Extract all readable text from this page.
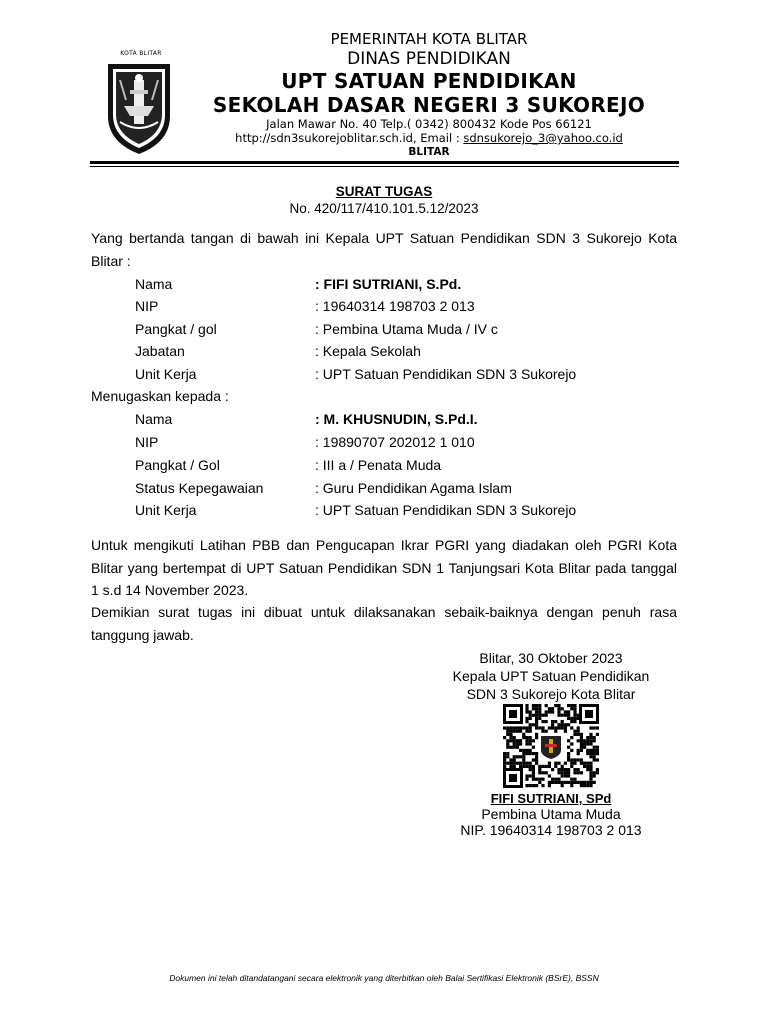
KOTA BLITAR
PEMERINTAH KOTA BLITAR
DINAS PENDIDIKAN
UPT SATUAN PENDIDIKAN
SEKOLAH DASAR NEGERI 3 SUKOREJO
Jalan Mawar No. 40 Telp.( 0342) 800432 Kode Pos 66121
http://sdn3sukorejoblitar.sch.id, Email : sdnsukorejo_3@yahoo.co.id
BLITAR
SURAT TUGAS
No. 420/117/410.101.5.12/2023
Yang bertanda tangan di bawah ini Kepala UPT Satuan Pendidikan SDN 3 Sukorejo Kota Blitar :
Nama	: FIFI SUTRIANI, S.Pd.
NIP	: 19640314 198703 2 013
Pangkat / gol	: Pembina Utama Muda / IV c
Jabatan	: Kepala Sekolah
Unit Kerja	: UPT Satuan Pendidikan SDN 3 Sukorejo
Menugaskan kepada :
Nama	: M. KHUSNUDIN, S.Pd.I.
NIP	: 19890707 202012 1 010
Pangkat / Gol	: III a / Penata Muda
Status Kepegawaian	: Guru Pendidikan Agama Islam
Unit Kerja	: UPT Satuan Pendidikan SDN 3 Sukorejo
Untuk mengikuti Latihan PBB dan Pengucapan Ikrar PGRI yang diadakan oleh PGRI Kota Blitar yang bertempat di UPT Satuan Pendidikan SDN 1 Tanjungsari Kota Blitar pada tanggal 1 s.d 14 November 2023.
Demikian surat tugas ini dibuat untuk dilaksanakan sebaik-baiknya dengan penuh rasa tanggung jawab.
Blitar, 30 Oktober 2023
Kepala UPT Satuan Pendidikan
SDN 3 Sukorejo Kota Blitar
FIFI SUTRIANI, SPd
Pembina Utama Muda
NIP. 19640314 198703 2 013
Dokumen ini telah ditandatangani secara elektronik yang diterbitkan oleh Balai Sertifikasi Elektronik (BSrE), BSSN
